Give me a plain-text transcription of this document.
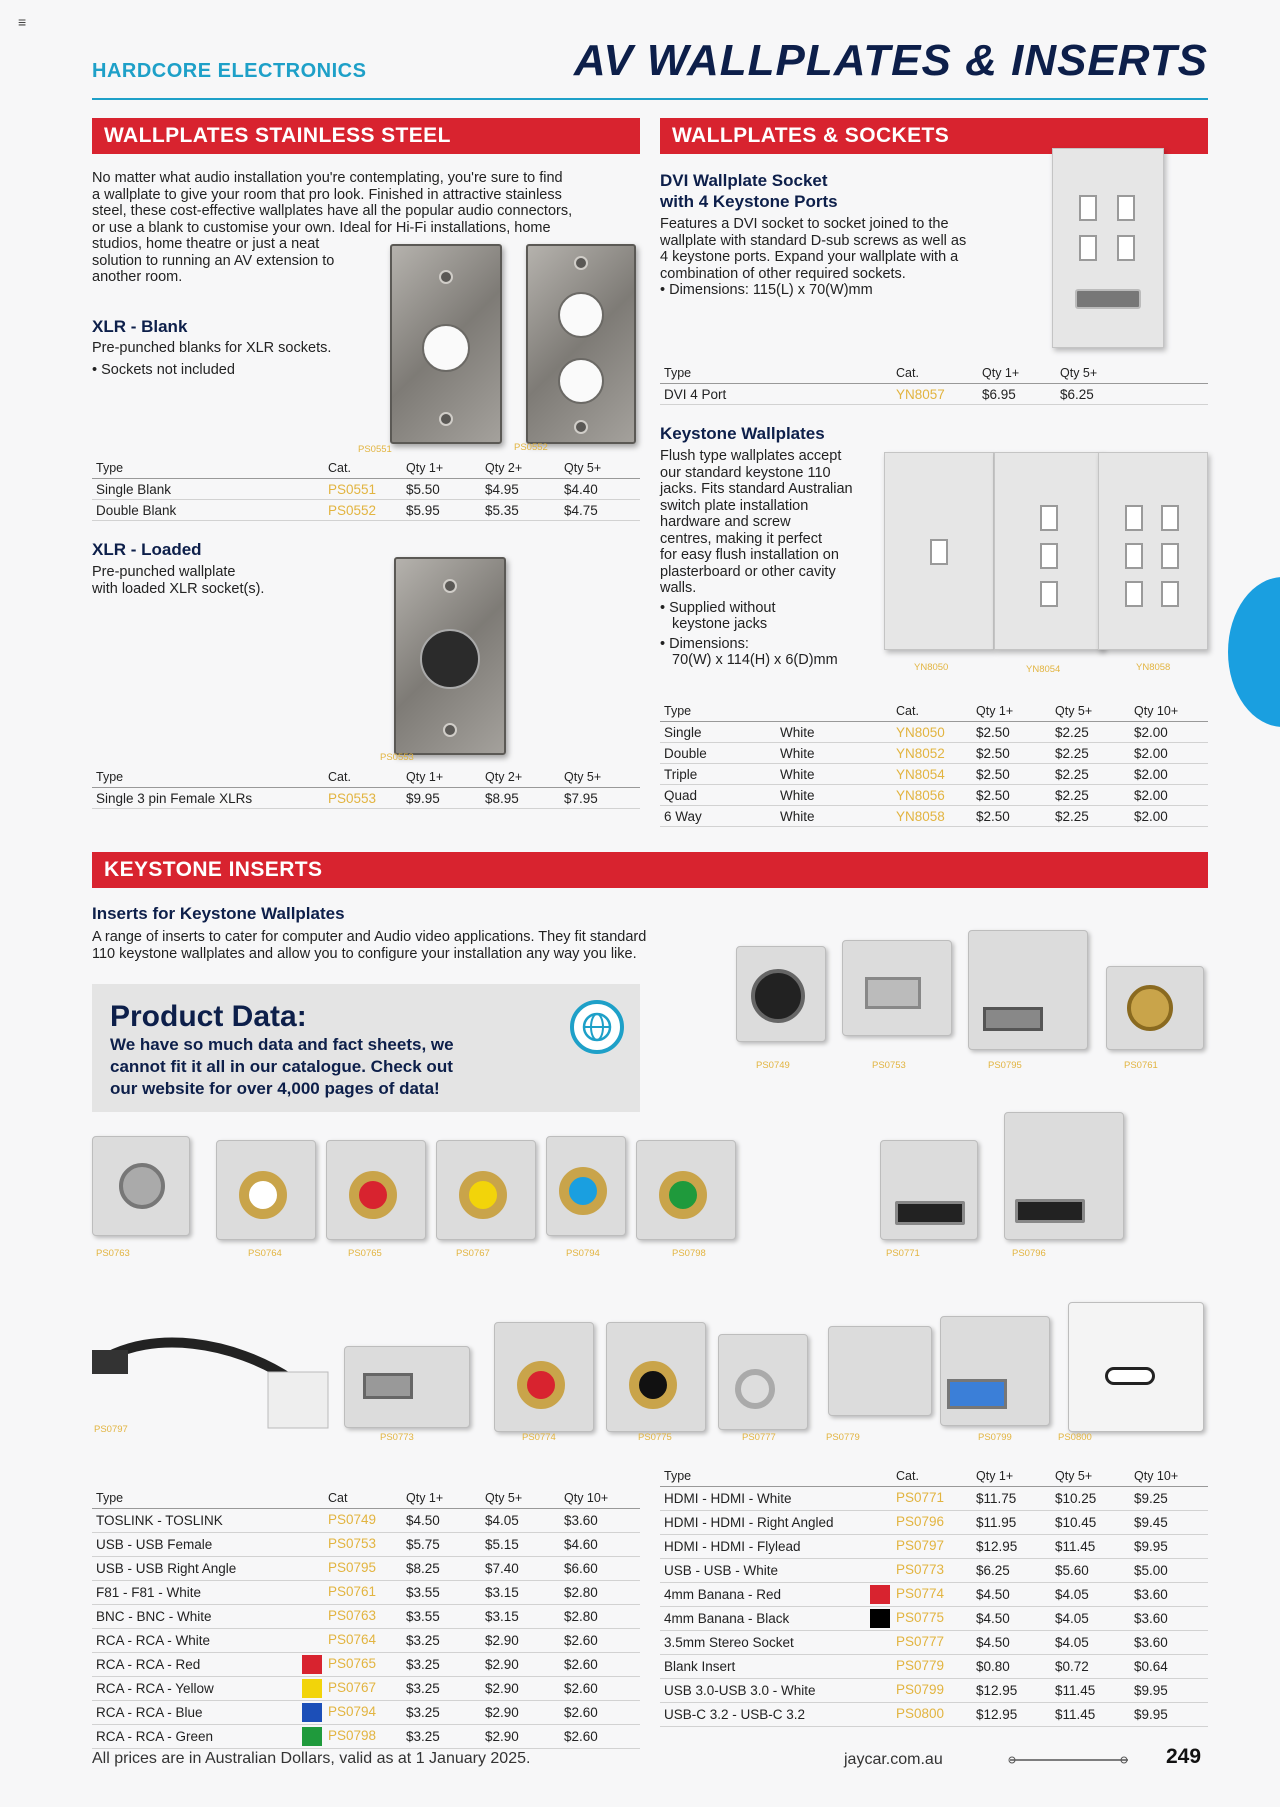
≡
HARDCORE ELECTRONICS	AV WALLPLATES & INSERTS
WALLPLATES STAINLESS STEEL
No matter what audio installation you're contemplating, you're sure to find
a wallplate to give your room that pro look. Finished in attractive stainless
steel, these cost-effective wallplates have all the popular audio connectors,
or use a blank to customise your own. Ideal for Hi-Fi installations, home
studios, home theatre or just a neat
solution to running an AV extension to
another room.
XLR - Blank
Pre-punched blanks for XLR sockets.
• Sockets not included
PS0551	PS0552
Type	Cat.	Qty 1+	Qty 2+	Qty 5+
Single Blank	PS0551	$5.50	$4.95	$4.40
Double Blank	PS0552	$5.95	$5.35	$4.75
XLR - Loaded
Pre-punched wallplate
with loaded XLR socket(s).
PS0553
Type	Cat.	Qty 1+	Qty 2+	Qty 5+
Single 3 pin Female XLRs	PS0553	$9.95	$8.95	$7.95
WALLPLATES & SOCKETS
DVI Wallplate Socket
with 4 Keystone Ports
Features a DVI socket to socket joined to the
wallplate with standard D-sub screws as well as
4 keystone ports. Expand your wallplate with a
combination of other required sockets.
• Dimensions: 115(L) x 70(W)mm
Type	Cat.	Qty 1+	Qty 5+
DVI 4 Port	YN8057	$6.95	$6.25
Keystone Wallplates
Flush type wallplates accept
our standard keystone 110
jacks. Fits standard Australian
switch plate installation
hardware and screw
centres, making it perfect
for easy flush installation on
plasterboard or other cavity
walls.
• Supplied without
keystone jacks
• Dimensions:
70(W) x 114(H) x 6(D)mm	YN8050	YN8054	YN8058
Type		Cat.	Qty 1+	Qty 5+	Qty 10+
Single	White	YN8050	$2.50	$2.25	$2.00
Double	White	YN8052	$2.50	$2.25	$2.00
Triple	White	YN8054	$2.50	$2.25	$2.00
Quad	White	YN8056	$2.50	$2.25	$2.00
6 Way	White	YN8058	$2.50	$2.25	$2.00
KEYSTONE INSERTS
Inserts for Keystone Wallplates
A range of inserts to cater for computer and Audio video applications. They fit standard
110 keystone wallplates and allow you to configure your installation any way you like.
Product Data:
We have so much data and fact sheets, we
cannot fit it all in our catalogue. Check out
our website for over 4,000 pages of data!
PS0749	PS0753	PS0795	PS0761
PS0763	PS0764	PS0765	PS0767	PS0794	PS0798	PS0771	PS0796
PS0797
PS0773	PS0774	PS0775	PS0777	PS0779	PS0799	PS0800
Type	Cat	Qty 1+	Qty 5+	Qty 10+
TOSLINK - TOSLINK	PS0749	$4.50	$4.05	$3.60
USB - USB Female	PS0753	$5.75	$5.15	$4.60
USB - USB Right Angle	PS0795	$8.25	$7.40	$6.60
F81 - F81 - White	PS0761	$3.55	$3.15	$2.80
BNC - BNC - White	PS0763	$3.55	$3.15	$2.80
RCA - RCA - White	PS0764	$3.25	$2.90	$2.60
RCA - RCA - Red	PS0765	$3.25	$2.90	$2.60
RCA - RCA - Yellow	PS0767	$3.25	$2.90	$2.60
RCA - RCA - Blue	PS0794	$3.25	$2.90	$2.60
RCA - RCA - Green	PS0798	$3.25	$2.90	$2.60
Type	Cat.	Qty 1+	Qty 5+	Qty 10+
HDMI - HDMI - White	PS0771	$11.75	$10.25	$9.25
HDMI - HDMI - Right Angled	PS0796	$11.95	$10.45	$9.45
HDMI - HDMI - Flylead	PS0797	$12.95	$11.45	$9.95
USB - USB - White	PS0773	$6.25	$5.60	$5.00
4mm Banana - Red	PS0774	$4.50	$4.05	$3.60
4mm Banana - Black	PS0775	$4.50	$4.05	$3.60
3.5mm Stereo Socket	PS0777	$4.50	$4.05	$3.60
Blank Insert	PS0779	$0.80	$0.72	$0.64
USB 3.0-USB 3.0 - White	PS0799	$12.95	$11.45	$9.95
USB-C 3.2 - USB-C 3.2	PS0800	$12.95	$11.45	$9.95
All prices are in Australian Dollars, valid as at 1 January 2025.	jaycar.com.au	249
